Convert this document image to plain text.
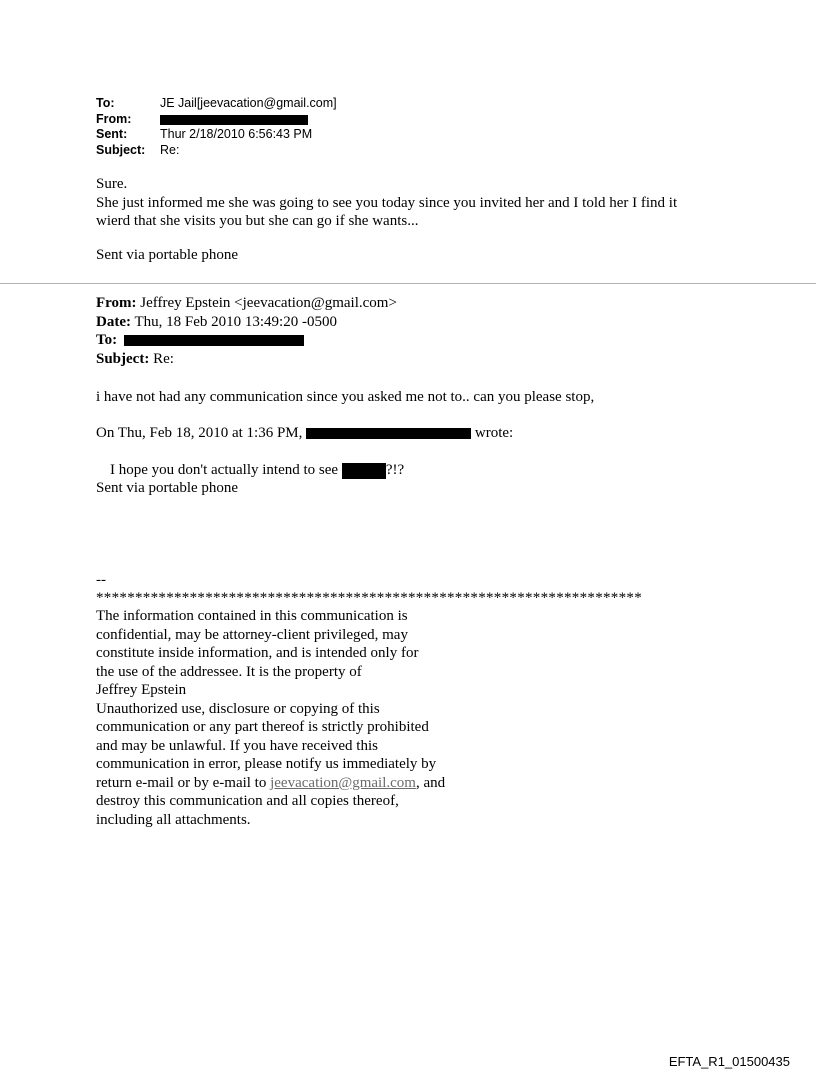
To:	JE Jail[jeevacation@gmail.com]
From:
Sent:	Thur 2/18/2010 6:56:43 PM
Subject:	Re:
Sure.
She just informed me she was going to see you today since you invited her and I told her I find it
wierd that she visits you but she can go if she wants...
Sent via portable phone
From: Jeffrey Epstein <jeevacation@gmail.com>
Date: Thu, 18 Feb 2010 13:49:20 -0500
To:
Subject: Re:
i have not had any communication since you asked me not to.. can you please stop,
On Thu, Feb 18, 2010 at 1:36 PM,	wrote:
I hope you don't actually intend to see	?!?
Sent via portable phone
--
**********************************************************************
The information contained in this communication is
confidential, may be attorney-client privileged, may
constitute inside information, and is intended only for
the use of the addressee. It is the property of
Jeffrey Epstein
Unauthorized use, disclosure or copying of this
communication or any part thereof is strictly prohibited
and may be unlawful. If you have received this
communication in error, please notify us immediately by
return e-mail or by e-mail to jeevacation@gmail.com, and
destroy this communication and all copies thereof,
including all attachments.
EFTA_R1_01500435
